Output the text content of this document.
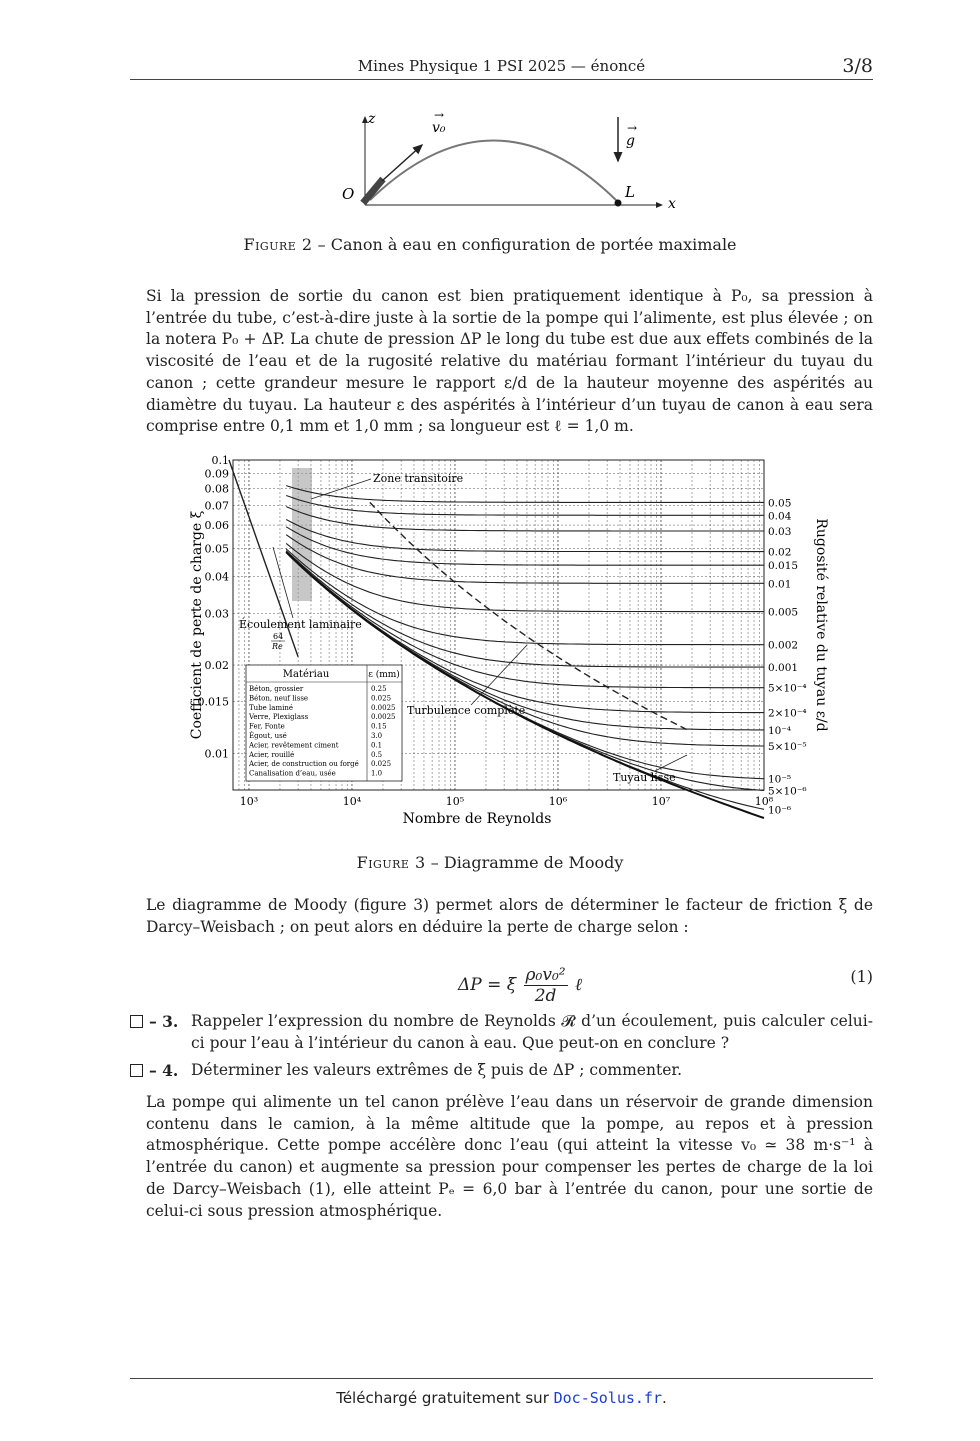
Mines Physique 1 PSI 2025 — énoncé	3/8
z
x
O	L
v₀
→
g
→
Figure 2 – Canon à eau en configuration de portée maximale

Si la pression de sortie du canon est bien pratiquement identique à P₀, sa pression à l’entrée du tube, c’est-à-dire juste à la sortie de la pompe qui l’alimente, est plus élevée ; on la notera P₀ + ΔP. La chute de pression ΔP le long du tube est due aux effets combinés de la viscosité de l’eau et de la rugosité relative du matériau formant l’intérieur du tuyau du canon ; cette grandeur mesure le rapport ε/d de la hauteur moyenne des aspérités au diamètre du tuyau. La hauteur ε des aspérités à l’intérieur d’un tuyau de canon à eau sera comprise entre 0,1 mm et 1,0 mm ; sa longueur est ℓ = 1,0 m.

0.1
0.09
0.08
0.07
0.06
0.05
0.04
0.03
0.02
0.015
0.01
10³	10⁴	10⁵	10⁶	10⁷	10⁸
0.05
0.04
0.03
0.02
0.015
0.01
0.005
0.002
0.001
5×10⁻⁴
2×10⁻⁴
10⁻⁴
5×10⁻⁵
10⁻⁵
5×10⁻⁶
10⁻⁶
Zone transitoire
Écoulement laminaire
64
Re
Turbulence complète
Tuyau lisse
Matériau	ε (mm)
Béton, grossier	0.25
Béton, neuf lisse	0.025
Tube laminé	0.0025
Verre, Plexiglass	0.0025
Fer, Fonte	0.15
Égout, usé	3.0
Acier, revêtement ciment	0.1
Acier, rouillé	0.5
Acier, de construction ou forgé 0.025
Canalisation d’eau, usée	1.0
Nombre de Reynolds
Coefficient de perte de charge ξ	Rugosité relative du tuyau ε/d
Figure 3 – Diagramme de Moody

Le diagramme de Moody (figure 3) permet alors de déterminer le facteur de friction ξ de Darcy–Weisbach ; on peut alors en déduire la perte de charge selon :

ΔP = ξ $\frac{\text{ρ₀v₀²}}{2d}$ ℓ	(1)
– 3. Rappeler l’expression du nombre de Reynolds 𝓡 d’un écoulement, puis calculer celui-ci pour l’eau à l’intérieur du canon à eau. Que peut-on en conclure ?
– 4. Déterminer les valeurs extrêmes de ξ puis de ΔP ; commenter.

La pompe qui alimente un tel canon prélève l’eau dans un réservoir de grande dimension contenu dans le camion, à la même altitude que la pompe, au repos et à pression atmosphérique. Cette pompe accélère donc l’eau (qui atteint la vitesse v₀ ≃ 38 m·s⁻¹ à l’entrée du canon) et augmente sa pression pour compenser les pertes de charge de la loi de Darcy–Weisbach (1), elle atteint Pₑ = 6,0 bar à l’entrée du canon, pour une sortie de celui-ci sous pression atmosphérique.

Téléchargé gratuitement sur Doc-Solus.fr.
